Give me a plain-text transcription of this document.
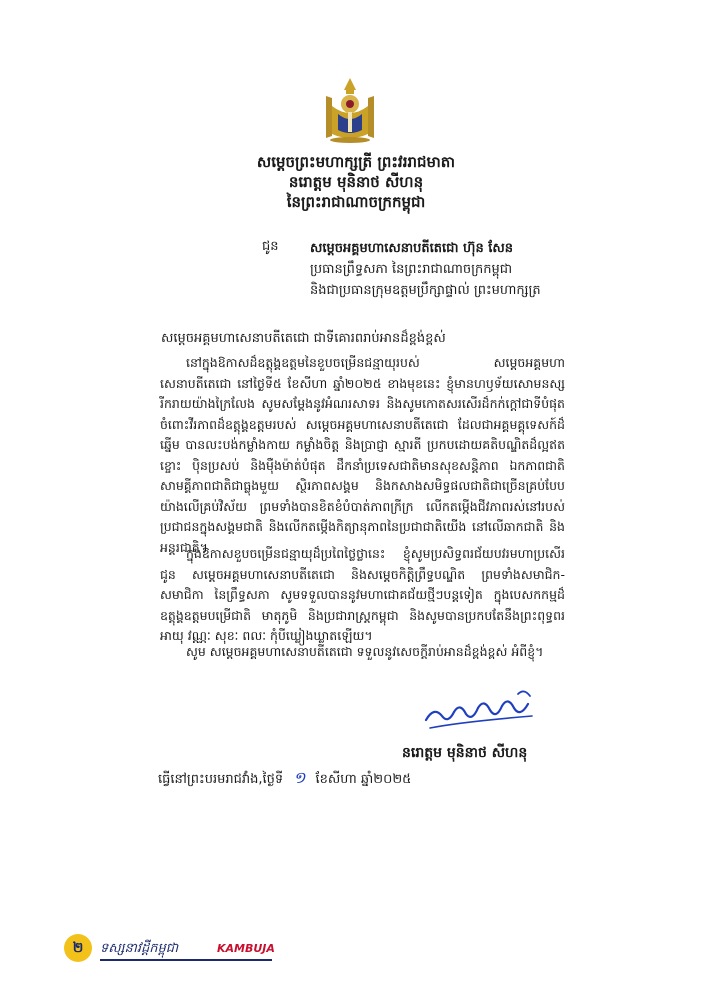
សម្តេចព្រះមហាក្សត្រី ព្រះវររាជមាតា
នរោត្តម មុនិនាថ សីហនុ
នៃព្រះរាជាណាចក្រកម្ពុជា
ជូន សម្តេចអគ្គមហាសេនាបតីតេជោ ហ៊ុន សែន
ប្រធានព្រឹទ្ធសភា នៃព្រះរាជាណាចក្រកម្ពុជា
និងជាប្រធានក្រុមឧត្តមប្រឹក្សាផ្ទាល់ ព្រះមហាក្សត្រ
សម្តេចអគ្គមហាសេនាបតីតេជោ ជាទីគោរពរាប់អានដ៏ខ្ពង់ខ្ពស់
នៅក្នុងឱកាសដ៏ឧត្តុង្គឧត្តមនៃខួបចម្រើនជន្មាយុរបស់ សម្តេចអគ្គមហាសេនាបតីតេជោ នៅថ្ងៃទី៥ ខែសីហា ឆ្នាំ២០២៥ ខាងមុខនេះ ខ្ញុំមានហឫទ័យសោមនស្សរីករាយយ៉ាងក្រៃលែង សូមសម្តែងនូវអំណរសាទរ និងសូមកោតសរសើរដ៏កក់ក្តៅជាទីបំផុត ចំពោះវីរភាពដ៏ឧត្តុង្គឧត្តមរបស់ សម្តេចអគ្គមហាសេនាបតីតេជោ ដែលជាអគ្គមគ្គុទេសក៍ដ៏ឆ្នើម បានលះបង់កម្លាំងកាយ កម្លាំងចិត្ត និងប្រាជ្ញា ស្មារតី ប្រកបដោយគតិបណ្ឌិតដ៏ល្អឥតខ្ចោះ ប៉ិនប្រសប់ និងម៉ឺងម៉ាត់បំផុត ដឹកនាំប្រទេសជាតិមានសុខសន្តិភាព ឯកភាពជាតិ សាមគ្គីភាពជាតិជាធ្លុងមួយ ស្ថិរភាពសង្គម និងកសាងសមិទ្ធផលជាតិជាច្រើនគ្រប់បែបយ៉ាងលើគ្រប់វិស័យ ព្រមទាំងបានខិតខំបំបាត់ភាពក្រីក្រ លើកតម្កើងជីវភាពរស់នៅរបស់ប្រជាជនក្នុងសង្គមជាតិ និងលើកតម្កើងកិត្យានុភាពនៃប្រជាជាតិយើង នៅលើឆាកជាតិ និងអន្តរជាតិ។
ក្នុងឱកាសខួបចម្រើនជន្មាយុដ៏ប្រពៃថ្លៃថ្លានេះ ខ្ញុំសូមប្រសិទ្ធពរជ័យបវរមហាប្រសើរ ជូន សម្តេចអគ្គមហាសេនាបតីតេជោ និងសម្តេចកិត្តិព្រឹទ្ធបណ្ឌិត ព្រមទាំងសមាជិក-សមាជិកា នៃព្រឹទ្ធសភា សូមទទួលបាននូវមហាជោគជ័យថ្មីៗបន្តទៀត ក្នុងបេសកកម្មដ៏ឧត្តុង្គឧត្តមបម្រើជាតិ មាតុភូមិ និងប្រជារាស្ត្រកម្ពុជា និងសូមបានប្រកបតែនឹងព្រះពុទ្ធពរ អាយុ វណ្ណៈ សុខៈ ពលៈ កុំបីឃ្លៀងឃ្លាតឡើយ។
សូម សម្តេចអគ្គមហាសេនាបតីតេជោ ទទួលនូវសេចក្តីរាប់អានដ៏ខ្ពង់ខ្ពស់ អំពីខ្ញុំ។
នរោត្តម មុនិនាថ សីហនុ
ធ្វើនៅព្រះបរមរាជវាំង,ថ្ងៃទី ១ ខែសីហា ឆ្នាំ២០២៥
២ ទស្សនាវដ្តីកម្ពុជា	KAMBUJA
